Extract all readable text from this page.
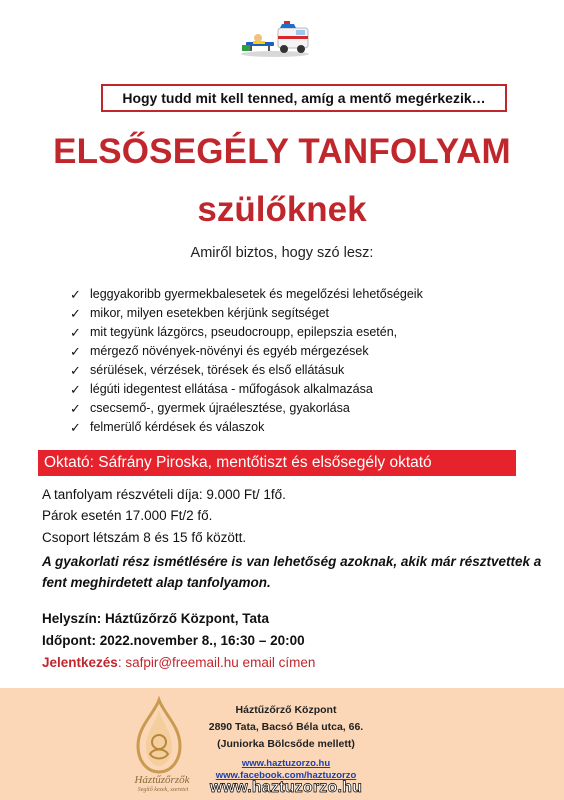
Hogy tudd mit kell tenned, amíg a mentő megérkezik…
ELSŐSEGÉLY TANFOLYAM
szülőknek
Amiről biztos, hogy szó lesz:
✓ leggyakoribb gyermekbalesetek és megelőzési lehetőségeik
✓ mikor, milyen esetekben kérjünk segítséget
✓ mit tegyünk lázgörcs, pseudocroupp, epilepszia esetén,
✓ mérgező növények-növényi és egyéb mérgezések
✓ sérülések, vérzések, törések és első ellátásuk
✓ légúti idegentest ellátása - műfogások alkalmazása
✓ csecsemő-, gyermek újraélesztése, gyakorlása
✓ felmerülő kérdések és válaszok
Oktató: Sáfrány Piroska, mentőtiszt és elsősegély oktató
A tanfolyam részvételi díja: 9.000 Ft/ 1fő.
Párok esetén 17.000 Ft/2 fő.
Csoport létszám 8 és 15 fő között.
A gyakorlati rész ismétlésére is van lehetőség azoknak, akik már résztvettek a fent meghirdetett alap tanfolyamon.
Helyszín: Háztűzőrző Központ, Tata
Időpont: 2022.november 8., 16:30 – 20:00
Jelentkezés: safpir@freemail.hu email címen
Háztűzőrzők
Segítő kezek, szeretet
Háztűzőrző Központ
2890 Tata, Bacsó Béla utca, 66.
(Juniorka Bölcsőde mellett)
www.haztuzorzo.hu
www.facebook.com/haztuzorzo
www.haztuzorzo.hu
